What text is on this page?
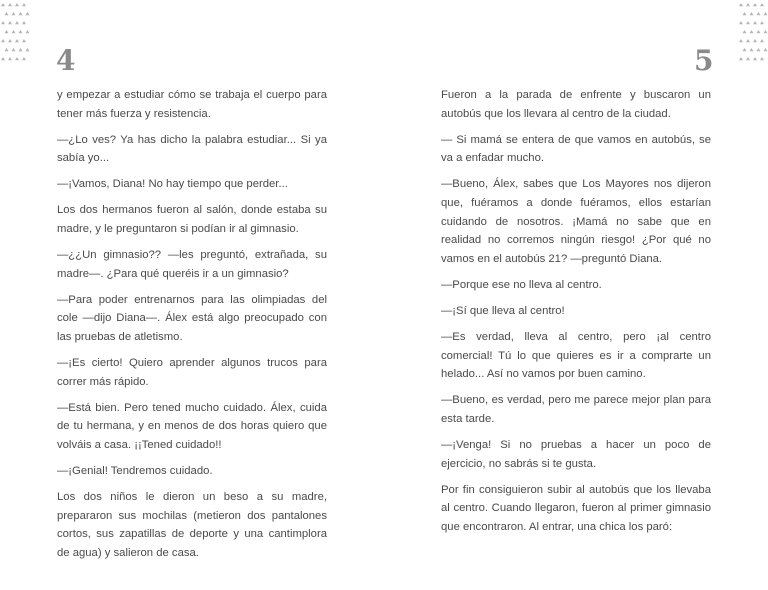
4	5

y empezar a estudiar cómo se trabaja el cuerpo para tener más fuerza y resistencia.

—¿Lo ves? Ya has dicho la palabra estudiar... Si ya sabía yo...

—¡Vamos, Diana! No hay tiempo que perder...

Los dos hermanos fueron al salón, donde estaba su madre, y le preguntaron si podían ir al gimnasio.

—¿¿Un gimnasio?? —les preguntó, extrañada, su madre—. ¿Para qué queréis ir a un gimnasio?

—Para poder entrenarnos para las olimpiadas del cole —dijo Diana—. Álex está algo preocupado con las pruebas de atletismo.

—¡Es cierto! Quiero aprender algunos trucos para correr más rápido.

—Está bien. Pero tened mucho cuidado. Álex, cuida de tu hermana, y en menos de dos horas quiero que volváis a casa. ¡¡Tened cuidado!!

—¡Genial! Tendremos cuidado.

Los dos niños le dieron un beso a su madre, prepararon sus mochilas (metieron dos pantalones cortos, sus zapatillas de deporte y una cantimplora de agua) y salieron de casa.

Fueron a la parada de enfrente y buscaron un autobús que los llevara al centro de la ciudad.

— Si mamá se entera de que vamos en autobús, se va a enfadar mucho.

—Bueno, Álex, sabes que Los Mayores nos dijeron que, fuéramos a donde fuéramos, ellos estarían cuidando de nosotros. ¡Mamá no sabe que en realidad no corremos ningún riesgo! ¿Por qué no vamos en el autobús 21? —preguntó Diana.

—Porque ese no lleva al centro.

—¡Sí que lleva al centro!

—Es verdad, lleva al centro, pero ¡al centro comercial! Tú lo que quieres es ir a comprarte un helado... Así no vamos por buen camino.

—Bueno, es verdad, pero me parece mejor plan para esta tarde.

—¡Venga! Si no pruebas a hacer un poco de ejercicio, no sabrás si te gusta.

Por fin consiguieron subir al autobús que los llevaba al centro. Cuando llegaron, fueron al primer gimnasio que encontraron. Al entrar, una chica los paró:
